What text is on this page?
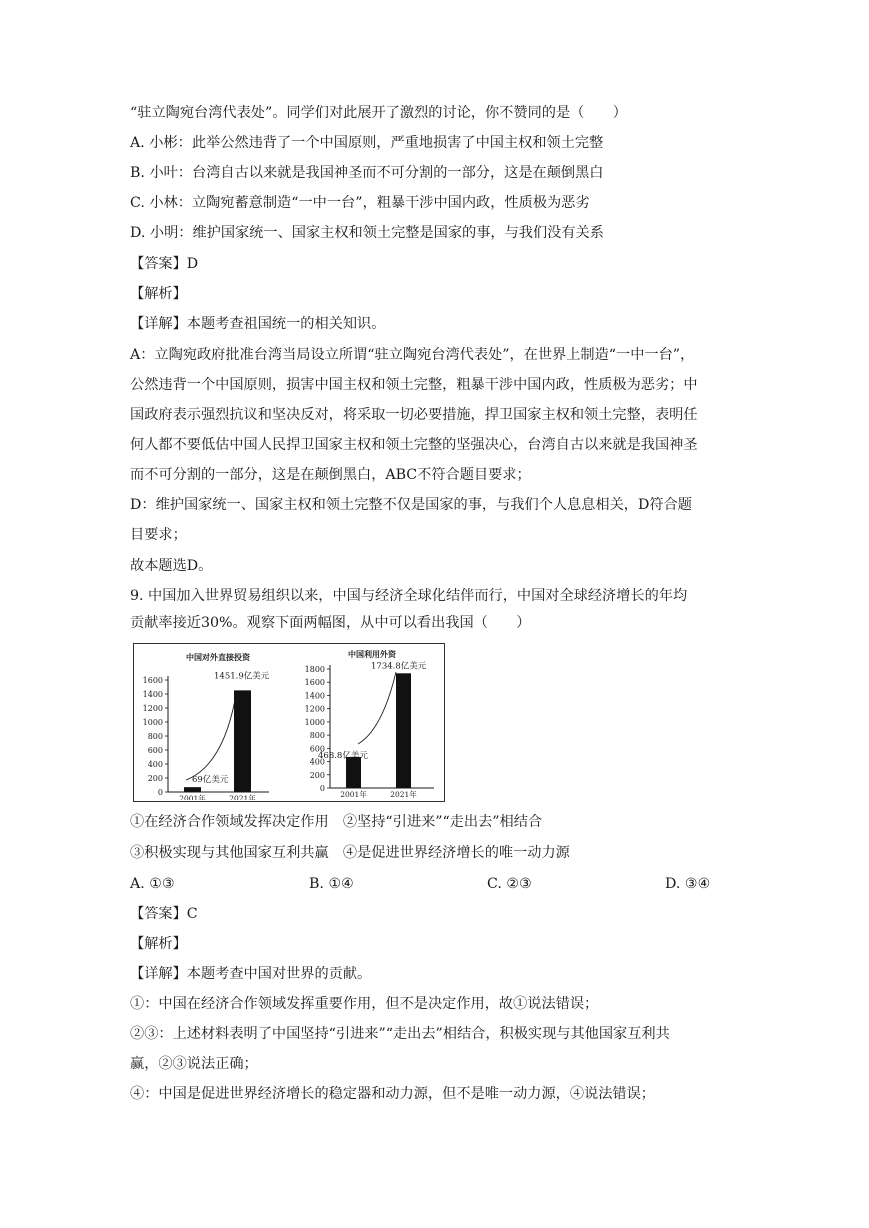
“驻立陶宛台湾代表处”。同学们对此展开了激烈的讨论，你不赞同的是（　　）
A. 小彬：此举公然违背了一个中国原则，严重地损害了中国主权和领土完整
B. 小叶：台湾自古以来就是我国神圣而不可分割的一部分，这是在颠倒黑白
C. 小林：立陶宛蓄意制造“一中一台”，粗暴干涉中国内政，性质极为恶劣
D. 小明：维护国家统一、国家主权和领土完整是国家的事，与我们没有关系
【答案】D
【解析】
【详解】本题考查祖国统一的相关知识。
A：立陶宛政府批准台湾当局设立所谓“驻立陶宛台湾代表处”，在世界上制造“一中一台”，
公然违背一个中国原则，损害中国主权和领土完整，粗暴干涉中国内政，性质极为恶劣；中
国政府表示强烈抗议和坚决反对，将采取一切必要措施，捍卫国家主权和领土完整，表明任
何人都不要低估中国人民捍卫国家主权和领土完整的坚强决心，台湾自古以来就是我国神圣
而不可分割的一部分，这是在颠倒黑白，ABC不符合题目要求；
D：维护国家统一、国家主权和领土完整不仅是国家的事，与我们个人息息相关，D符合题
目要求；
故本题选D。
9. 中国加入世界贸易组织以来，中国与经济全球化结伴而行，中国对全球经济增长的年均
贡献率接近30%。观察下面两幅图，从中可以看出我国（　　）
中国对外直接投资
0
200
400
600
800
1000
1200
1400
1600
69亿美元
2001年
1451.9亿美元
2021年
中国利用外资
0
200
400
600
800
1000
1200
1400
1600
1800
468.8亿美元
2001年
1734.8亿美元
2021年
①在经济合作领域发挥决定作用　②坚持“引进来”“走出去”相结合
③积极实现与其他国家互利共赢　④是促进世界经济增长的唯一动力源
A. ①③	B. ①④	C. ②③	D. ③④
【答案】C
【解析】
【详解】本题考查中国对世界的贡献。
①：中国在经济合作领域发挥重要作用，但不是决定作用，故①说法错误；
②③：上述材料表明了中国坚持“引进来”“走出去”相结合，积极实现与其他国家互利共
赢，②③说法正确；
④：中国是促进世界经济增长的稳定器和动力源，但不是唯一动力源，④说法错误；
